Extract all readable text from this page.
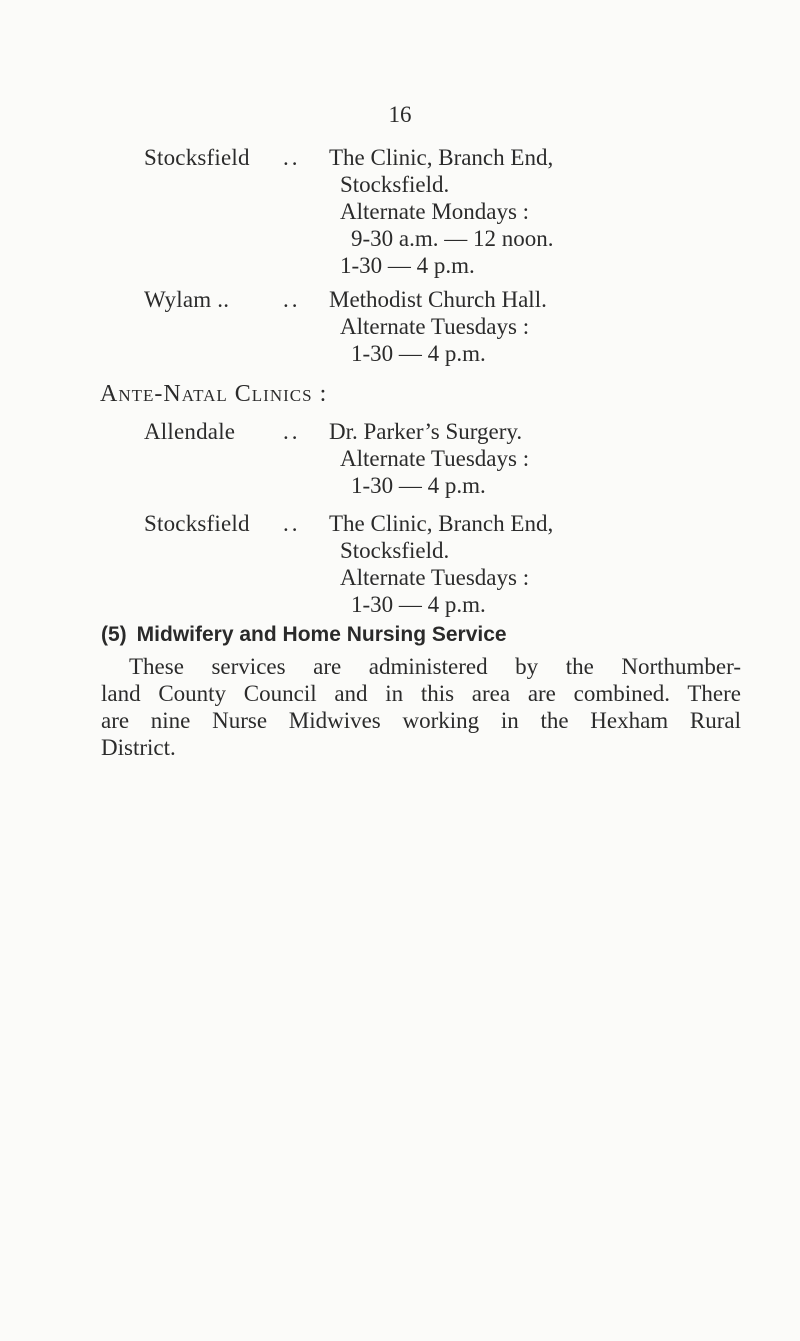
16
Stocksfield .. The Clinic, Branch End,
Stocksfield.
Alternate Mondays :
9-30 a.m. — 12 noon.
1-30 — 4 p.m.
Wylam .. .. Methodist Church Hall.
Alternate Tuesdays :
1-30 — 4 p.m.
Ante-Natal Clinics :
Allendale .. Dr. Parker’s Surgery.
Alternate Tuesdays :
1-30 — 4 p.m.
Stocksfield .. The Clinic, Branch End,
Stocksfield.
Alternate Tuesdays :
1-30 — 4 p.m.
(5) Midwifery and Home Nursing Service
These services are administered by the Northumber-
land County Council and in this area are combined. There
are nine Nurse Midwives working in the Hexham Rural
District.
